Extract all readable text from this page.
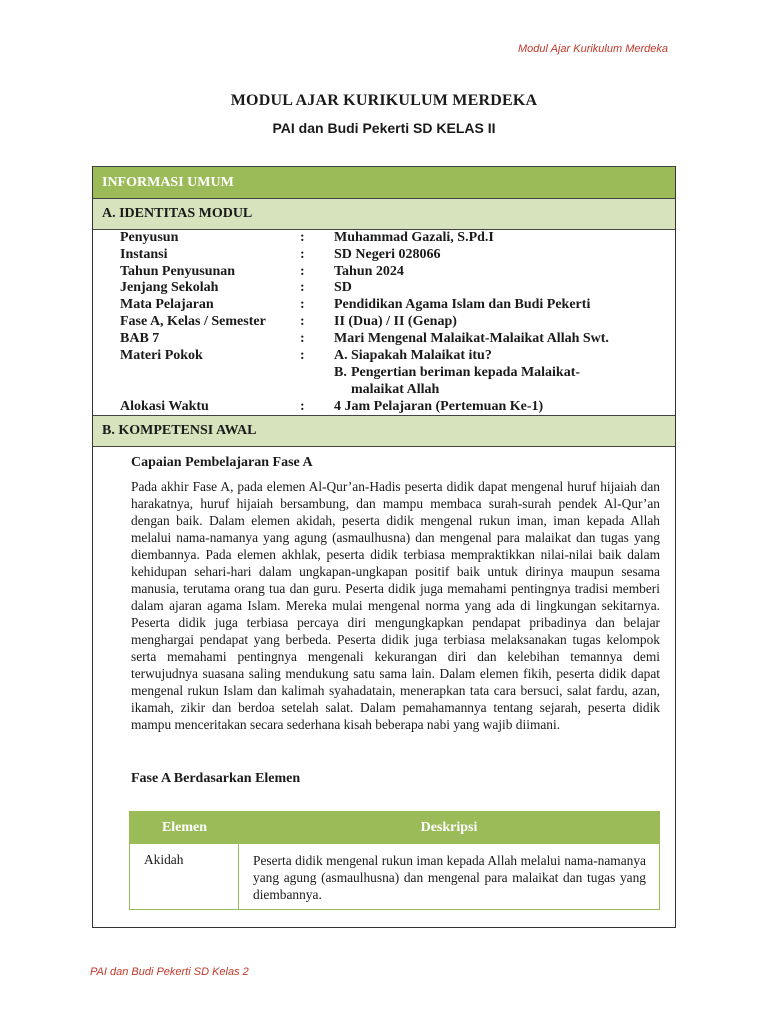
Modul Ajar Kurikulum Merdeka
MODUL AJAR KURIKULUM MERDEKA
PAI dan Budi Pekerti SD KELAS II
INFORMASI UMUM
A. IDENTITAS MODUL
Penyusun	:	Muhammad Gazali, S.Pd.I
Instansi	:	SD Negeri 028066
Tahun Penyusunan	:	Tahun 2024
Jenjang Sekolah	:	SD
Mata Pelajaran	:	Pendidikan Agama Islam dan Budi Pekerti
Fase A, Kelas / Semester	:	II (Dua) / II (Genap)
BAB 7	:	Mari Mengenal Malaikat-Malaikat Allah Swt.
Materi Pokok	:	A. Siapakah Malaikat itu?
B. Pengertian beriman kepada Malaikat-malaikat Allah
Alokasi Waktu	:	4 Jam Pelajaran (Pertemuan Ke-1)
B. KOMPETENSI AWAL
Capaian Pembelajaran Fase A
Pada akhir Fase A, pada elemen Al-Qur’an-Hadis peserta didik dapat mengenal huruf hijaiah dan harakatnya, huruf hijaiah bersambung, dan mampu membaca surah-surah pendek Al-Qur’an dengan baik. Dalam elemen akidah, peserta didik mengenal rukun iman, iman kepada Allah melalui nama-namanya yang agung (asmaulhusna) dan mengenal para malaikat dan tugas yang diembannya. Pada elemen akhlak, peserta didik terbiasa mempraktikkan nilai-nilai baik dalam kehidupan sehari-hari dalam ungkapan-ungkapan positif baik untuk dirinya maupun sesama manusia, terutama orang tua dan guru. Peserta didik juga memahami pentingnya tradisi memberi dalam ajaran agama Islam. Mereka mulai mengenal norma yang ada di lingkungan sekitarnya. Peserta didik juga terbiasa percaya diri mengungkapkan pendapat pribadinya dan belajar menghargai pendapat yang berbeda. Peserta didik juga terbiasa melaksanakan tugas kelompok serta memahami pentingnya mengenali kekurangan diri dan kelebihan temannya demi terwujudnya suasana saling mendukung satu sama lain. Dalam elemen fikih, peserta didik dapat mengenal rukun Islam dan kalimah syahadatain, menerapkan tata cara bersuci, salat fardu, azan, ikamah, zikir dan berdoa setelah salat. Dalam pemahamannya tentang sejarah, peserta didik mampu menceritakan secara sederhana kisah beberapa nabi yang wajib diimani.
Fase A Berdasarkan Elemen
Elemen	Deskripsi
Akidah	Peserta didik mengenal rukun iman kepada Allah melalui nama-namanya yang agung (asmaulhusna) dan mengenal para malaikat dan tugas yang diembannya.
PAI dan Budi Pekerti SD Kelas 2
